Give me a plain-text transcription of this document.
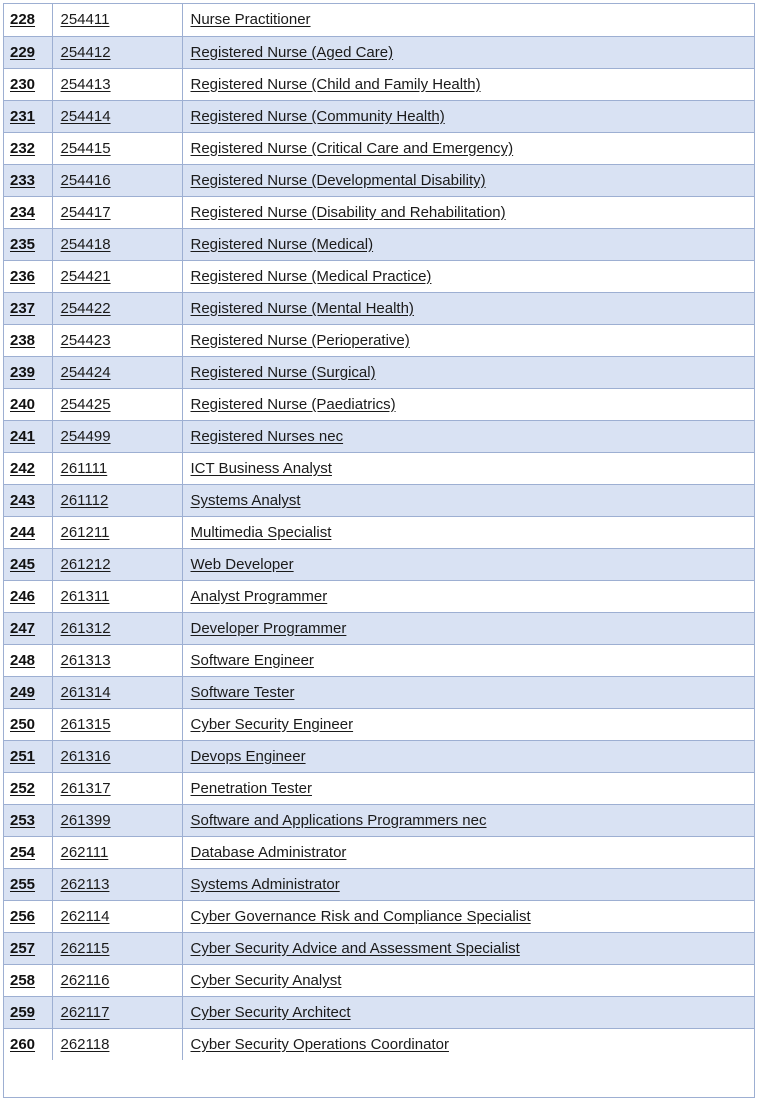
228	254411	Nurse Practitioner
229	254412	Registered Nurse (Aged Care)
230	254413	Registered Nurse (Child and Family Health)
231	254414	Registered Nurse (Community Health)
232	254415	Registered Nurse (Critical Care and Emergency)
233	254416	Registered Nurse (Developmental Disability)
234	254417	Registered Nurse (Disability and Rehabilitation)
235	254418	Registered Nurse (Medical)
236	254421	Registered Nurse (Medical Practice)
237	254422	Registered Nurse (Mental Health)
238	254423	Registered Nurse (Perioperative)
239	254424	Registered Nurse (Surgical)
240	254425	Registered Nurse (Paediatrics)
241	254499	Registered Nurses nec
242	261111	ICT Business Analyst
243	261112	Systems Analyst
244	261211	Multimedia Specialist
245	261212	Web Developer
246	261311	Analyst Programmer
247	261312	Developer Programmer
248	261313	Software Engineer
249	261314	Software Tester
250	261315	Cyber Security Engineer
251	261316	Devops Engineer
252	261317	Penetration Tester
253	261399	Software and Applications Programmers nec
254	262111	Database Administrator
255	262113	Systems Administrator
256	262114	Cyber Governance Risk and Compliance Specialist
257	262115	Cyber Security Advice and Assessment Specialist
258	262116	Cyber Security Analyst
259	262117	Cyber Security Architect
260	262118	Cyber Security Operations Coordinator
